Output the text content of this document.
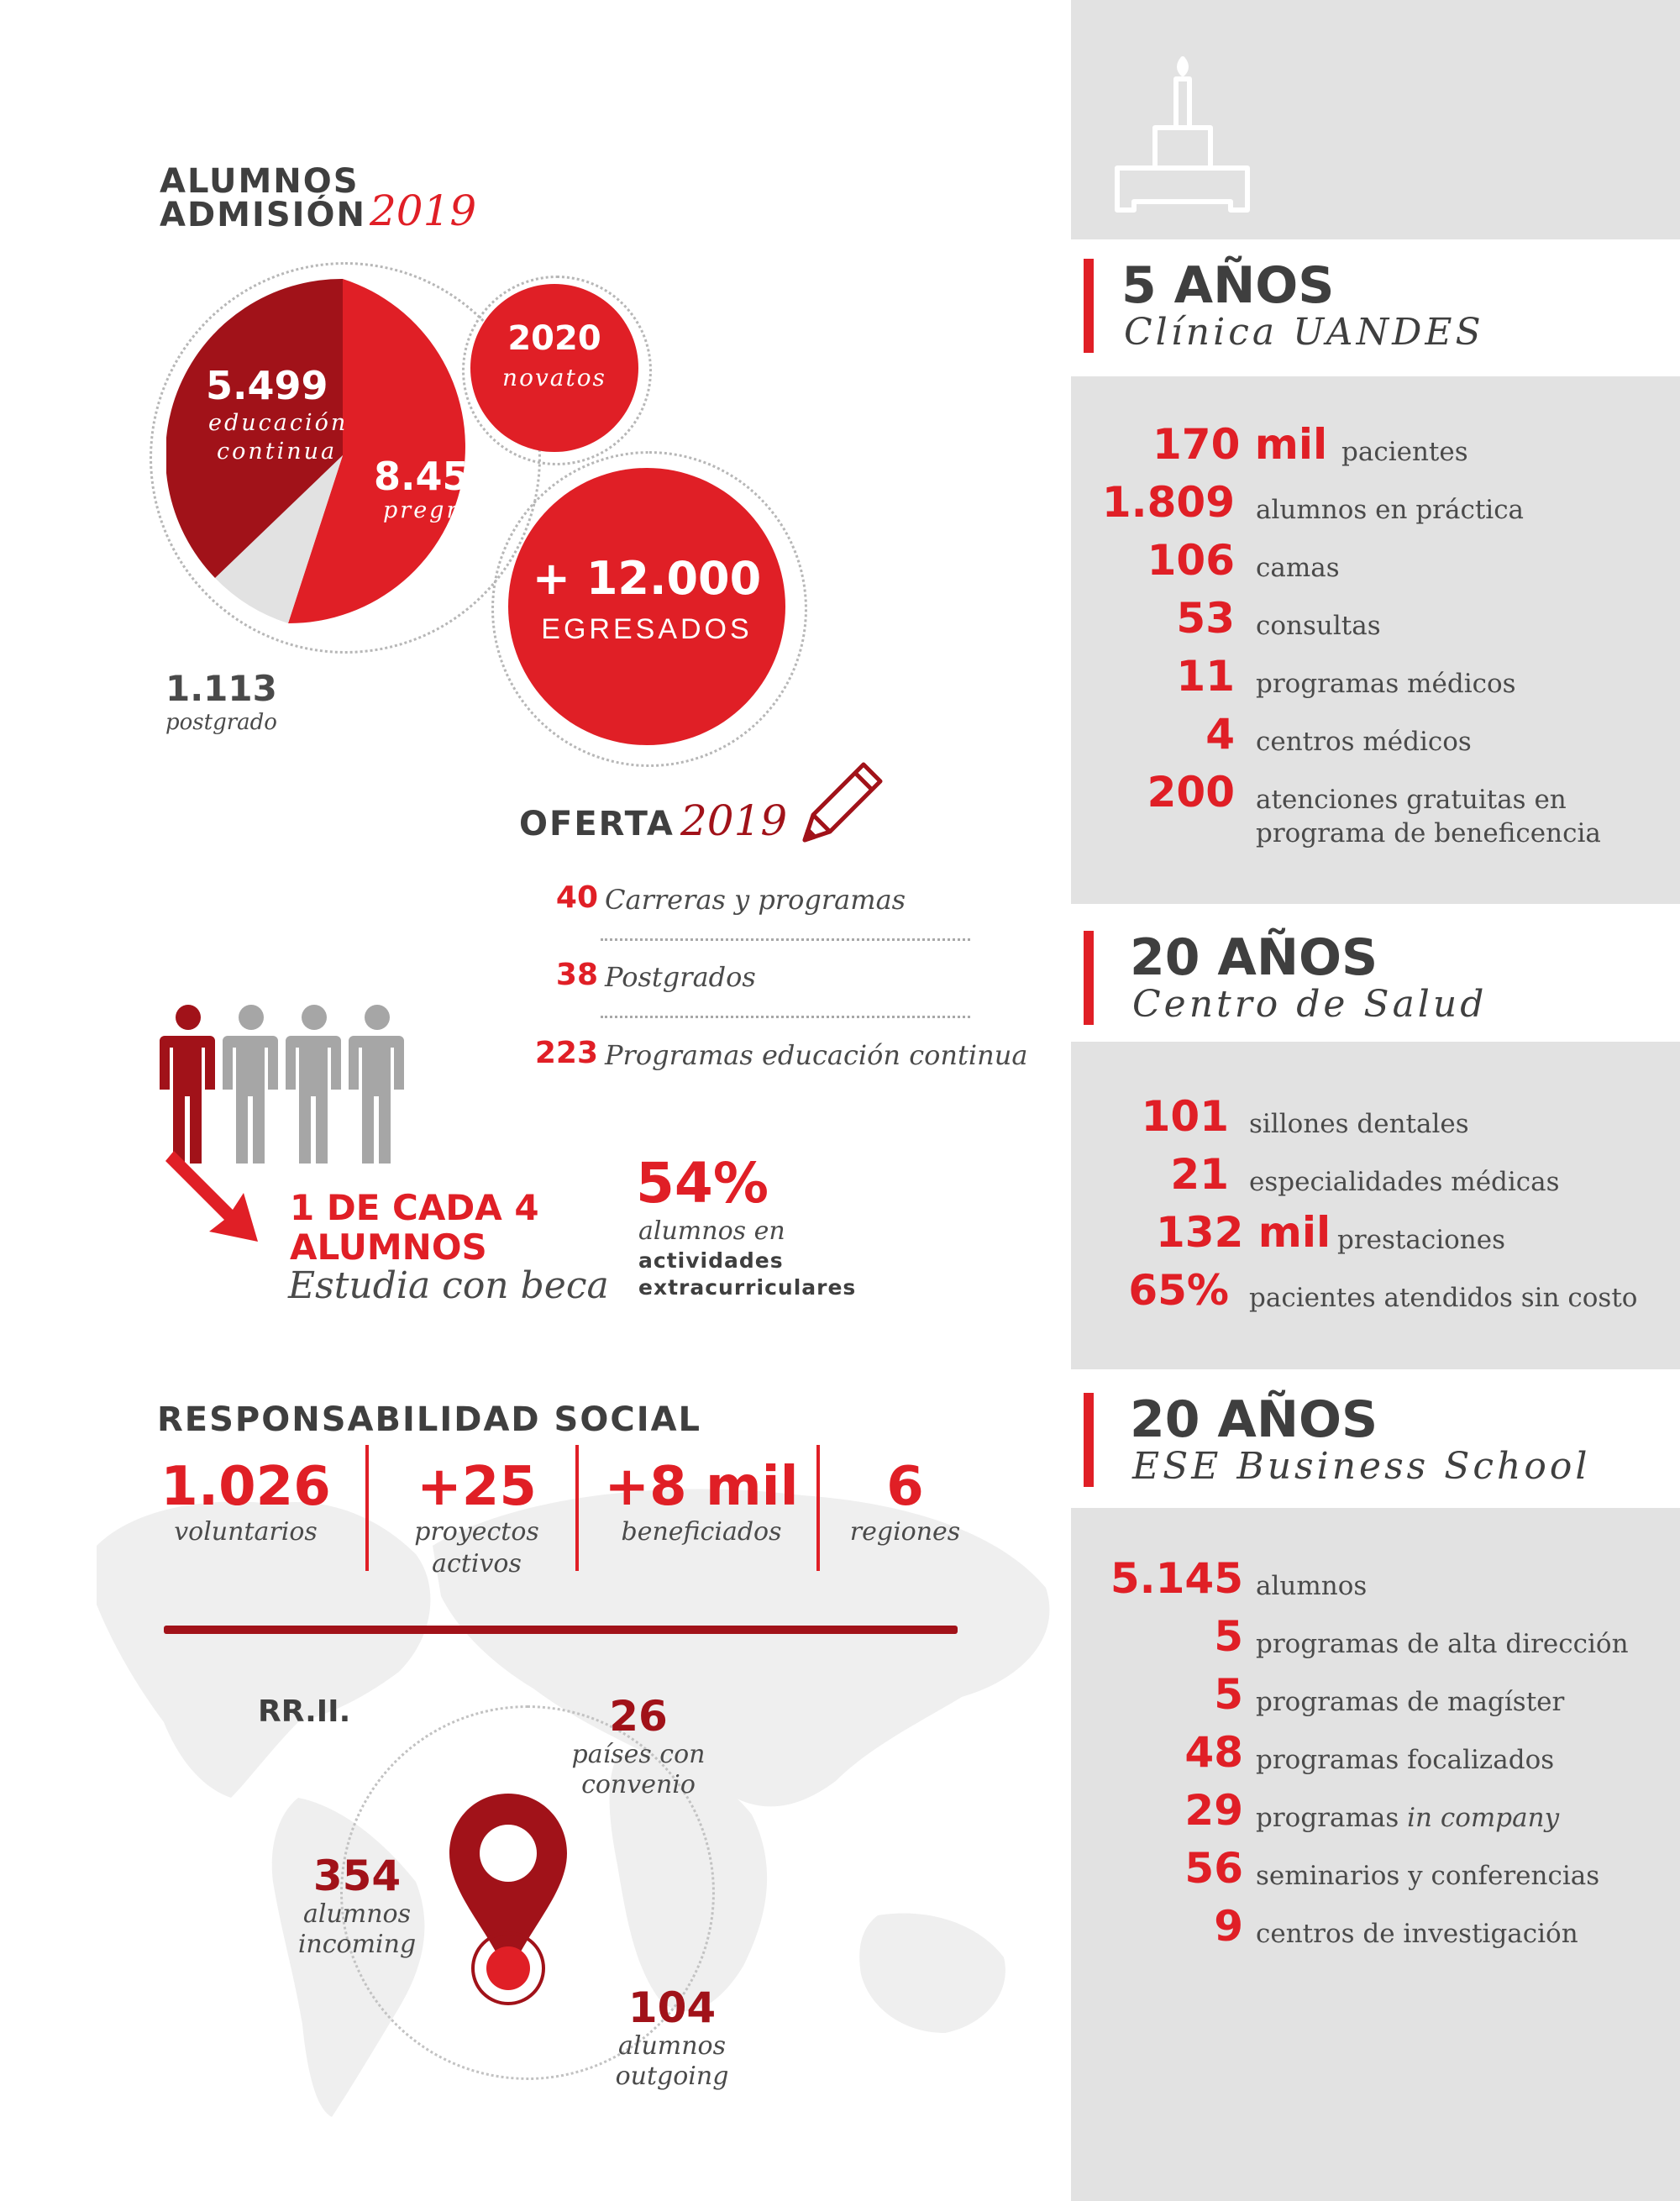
5 AÑOS
Clínica UANDES
20 AÑOS
Centro de Salud
20 AÑOS
ESE Business School
170 mil pacientes
1.809 alumnos en práctica
106 camas
53 consultas
11 programas médicos
4 centros médicos
200 atenciones gratuitas en
programa de beneficencia
101 sillones dentales
21 especialidades médicas
132 mil prestaciones
65% pacientes atendidos sin costo
5.145 alumnos
5 programas de alta dirección
5 programas de magíster
48 programas focalizados
29 programas in company
56 seminarios y conferencias
9 centros de investigación
ALUMNOS
ADMISIÓN 2019
5.499
educación
continua
8.459
pregrado
1.113
postgrado
2020
novatos
+ 12.000
EGRESADOS
OFERTA 2019
40 Carreras y programas
38 Postgrados
223 Programas educación continua
1 DE CADA 4
ALUMNOS
Estudia con beca
54%
alumnos en
actividades
extracurriculares
RESPONSABILIDAD SOCIAL
1.026
voluntarios
+25
proyectos
activos
+8 mil
beneficiados
6
regiones
RR.II.	26
países con
convenio
354
alumnos
incoming
104
alumnos
outgoing
